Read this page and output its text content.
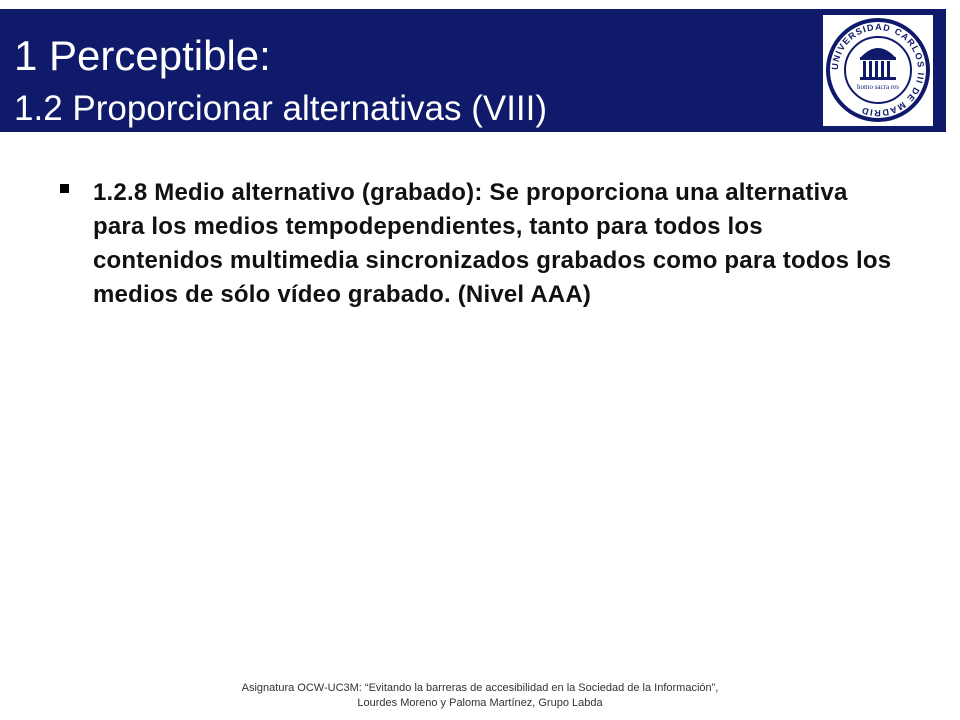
1 Perceptible:
1.2 Proporcionar alternativas (VIII)
UNIVERSIDAD CARLOS III DE MADRID
homo sacra res
1.2.8 Medio alternativo (grabado): Se proporciona una alternativa para los medios tempodependientes, tanto para todos los contenidos multimedia sincronizados grabados como para todos los medios de sólo vídeo grabado. (Nivel AAA)
Asignatura OCW-UC3M: “Evitando la barreras de accesibilidad en la Sociedad de la Información”,
Lourdes Moreno y Paloma Martínez, Grupo Labda
